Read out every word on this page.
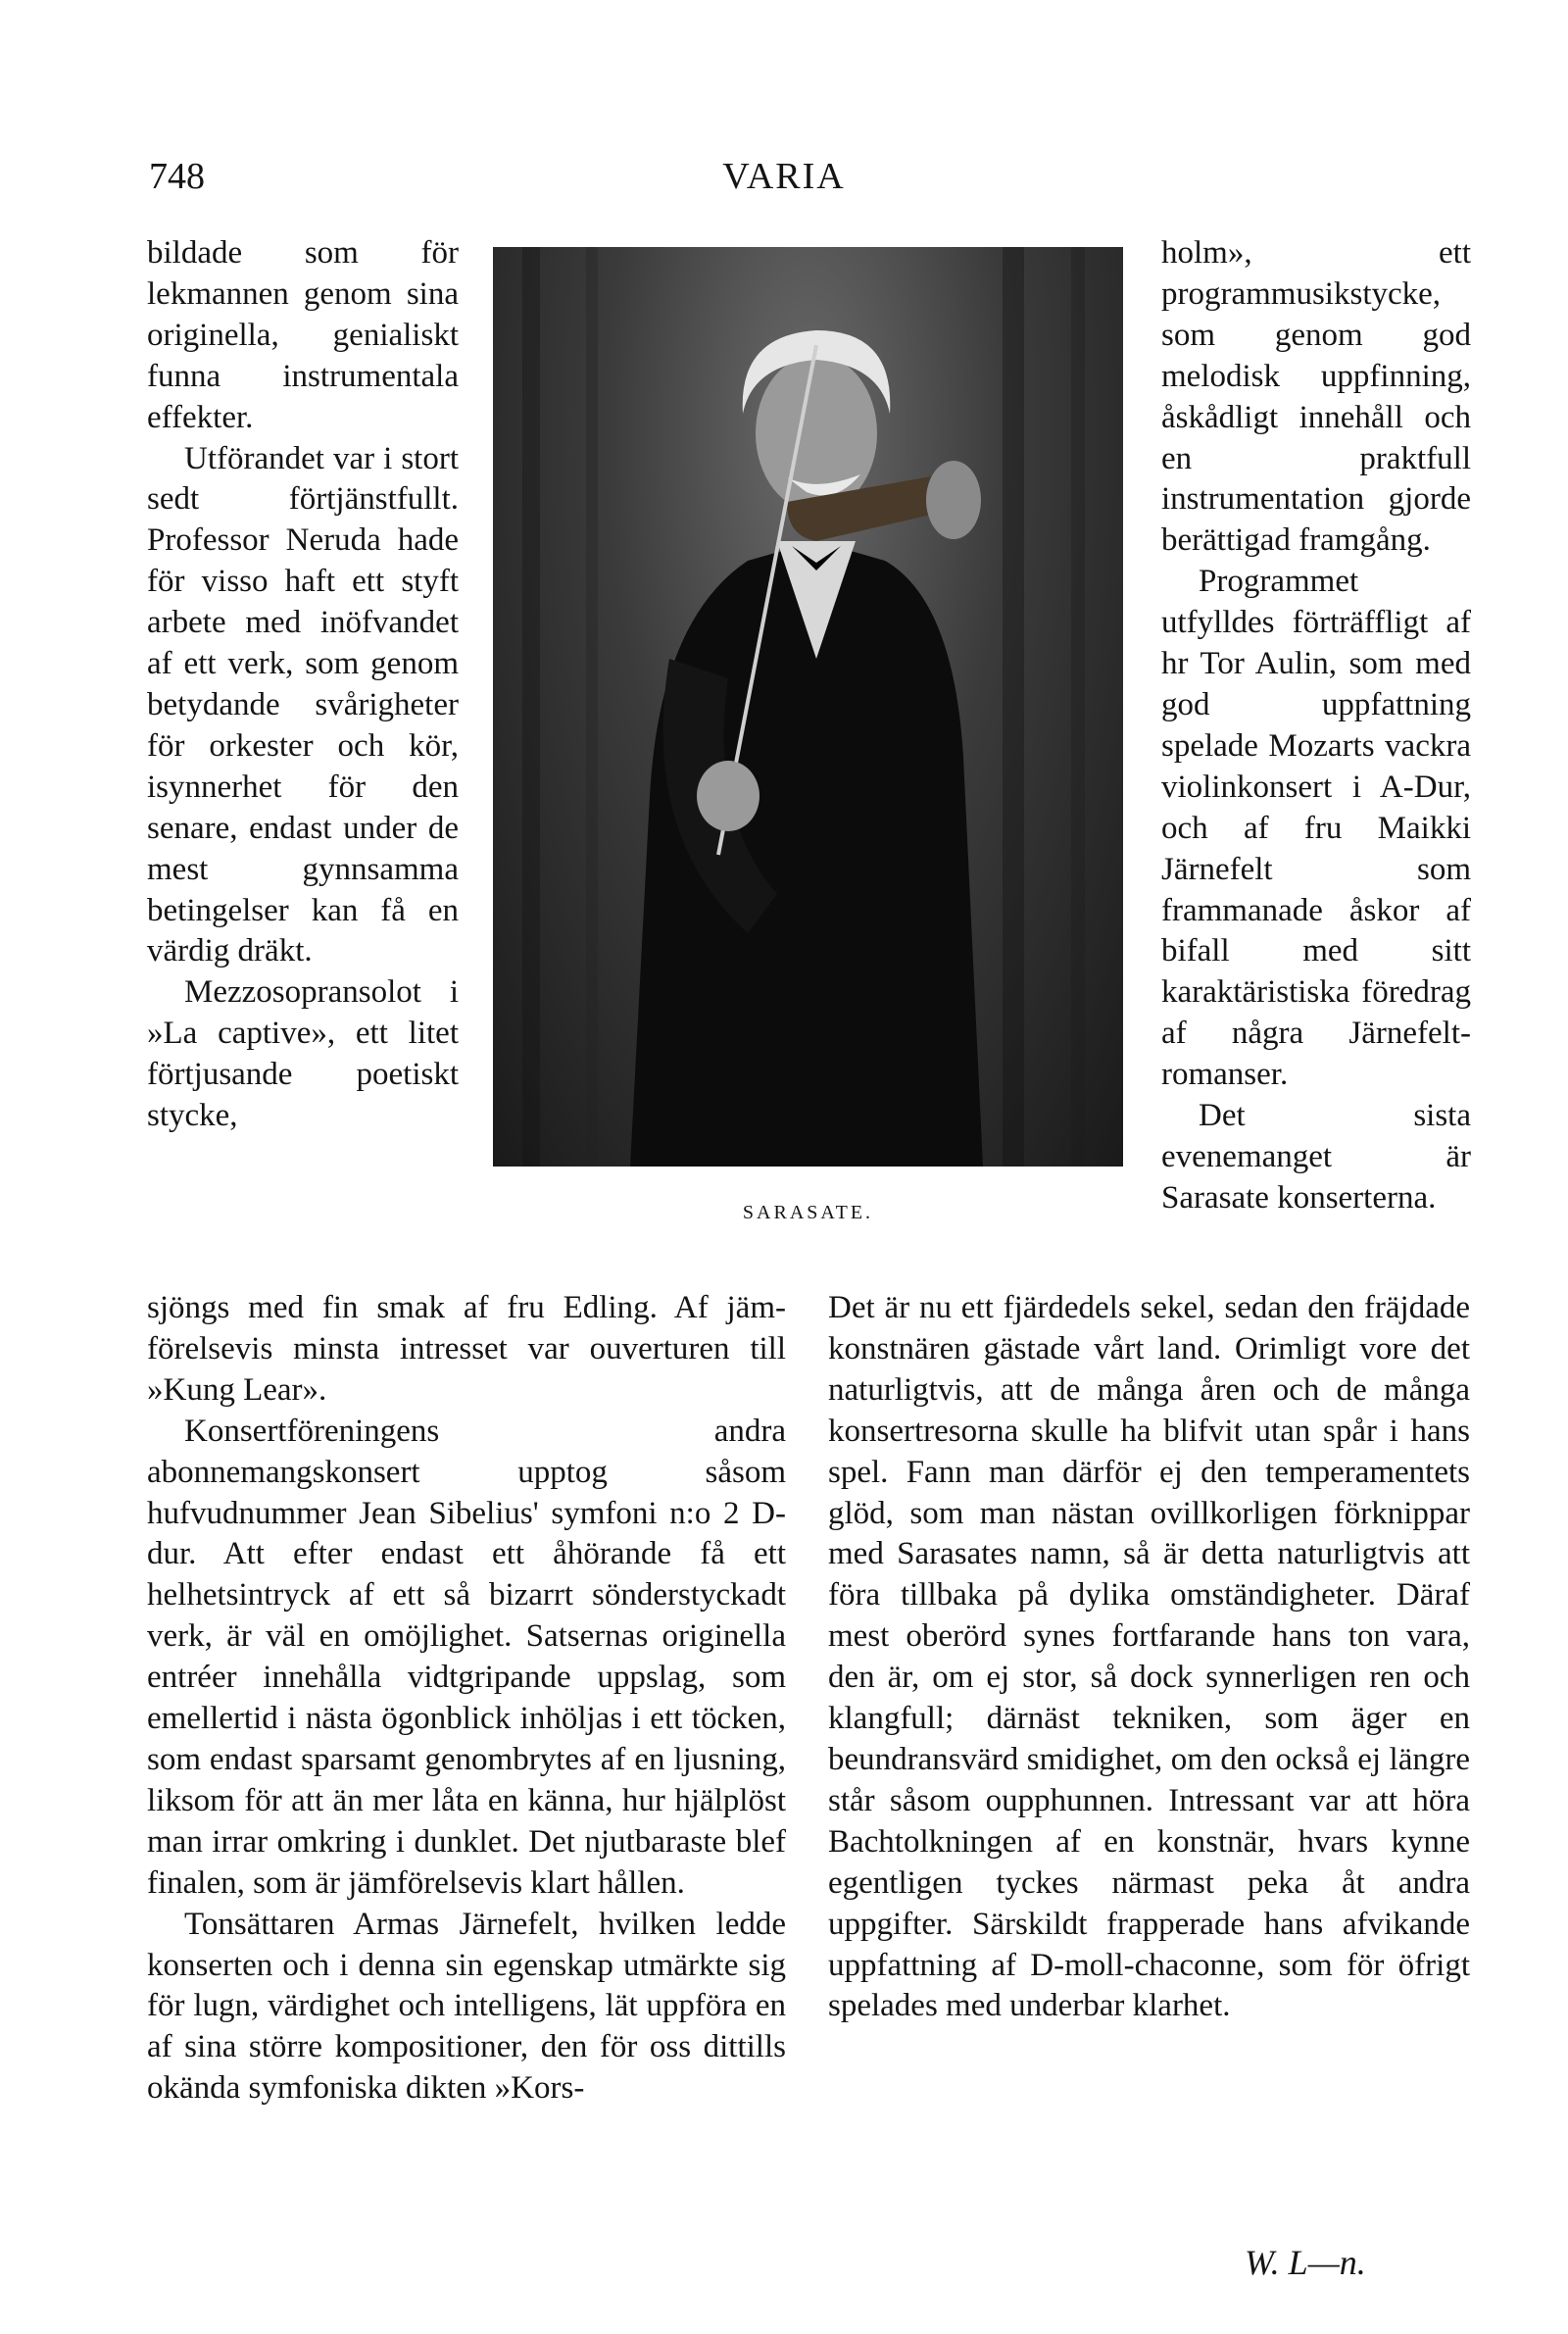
748	VARIA

bildade som för lekmannen genom sina originella, genialiskt funna instrumentala effekter.

Utförandet var i stort sedt förtjänstfullt. Professor Neruda hade för visso haft ett styft arbete med inöfvandet af ett verk, som genom betydande svårigheter för orkester och kör, isynnerhet för den senare, endast under de mest gynnsamma betingelser kan få en värdig dräkt.

Mezzosopransolot i »La captive», ett litet förtjusande poetiskt stycke,

SARASATE.

holm», ett programmusikstycke, som genom god melodisk uppfinning, åskådligt innehåll och en praktfull instrumentation gjorde berättigad framgång.

Programmet utfylldes förträffligt af hr Tor Aulin, som med god uppfattning spelade Mozarts vackra violinkonsert i A-Dur, och af fru Maikki Järnefelt som frammanade åskor af bifall med sitt karaktäristiska föredrag af några Järnefelt-romanser.

Det sista evenemanget är Sarasate konserterna.

sjöngs med fin smak af fru Edling. Af jäm- förelsevis minsta intresset var ouverturen till »Kung Lear».

Konsertföreningens andra abonnemangskonsert upptog såsom hufvudnummer Jean Sibelius' symfoni n:o 2 D-dur. Att efter endast ett åhörande få ett helhetsintryck af ett så bizarrt sönderstyckadt verk, är väl en omöjlighet. Satsernas originella entréer innehålla vidtgripande uppslag, som emellertid i nästa ögonblick inhöljas i ett töcken, som endast sparsamt genombrytes af en ljusning, liksom för att än mer låta en känna, hur hjälplöst man irrar omkring i dunklet. Det njutbaraste blef finalen, som är jämförelsevis klart hållen.

Tonsättaren Armas Järnefelt, hvilken ledde konserten och i denna sin egenskap utmärkte sig för lugn, värdighet och intelligens, lät uppföra en af sina större kompositioner, den för oss dittills okända symfoniska dikten »Kors-

Det är nu ett fjärdedels sekel, sedan den fräjdade konstnären gästade vårt land. Orimligt vore det naturligtvis, att de många åren och de många konsertresorna skulle ha blifvit utan spår i hans spel. Fann man därför ej den temperamentets glöd, som man nästan ovillkorligen förknippar med Sarasates namn, så är detta naturligtvis att föra tillbaka på dylika omständigheter. Däraf mest oberörd synes fortfarande hans ton vara, den är, om ej stor, så dock synnerligen ren och klangfull; därnäst tekniken, som äger en beundransvärd smidighet, om den också ej längre står såsom oupphunnen. Intressant var att höra Bachtolkningen af en konstnär, hvars kynne egentligen tyckes närmast peka åt andra uppgifter. Särskildt frapperade hans afvikande uppfattning af D-moll-chaconne, som för öfrigt spelades med underbar klarhet.

W. L—n.
